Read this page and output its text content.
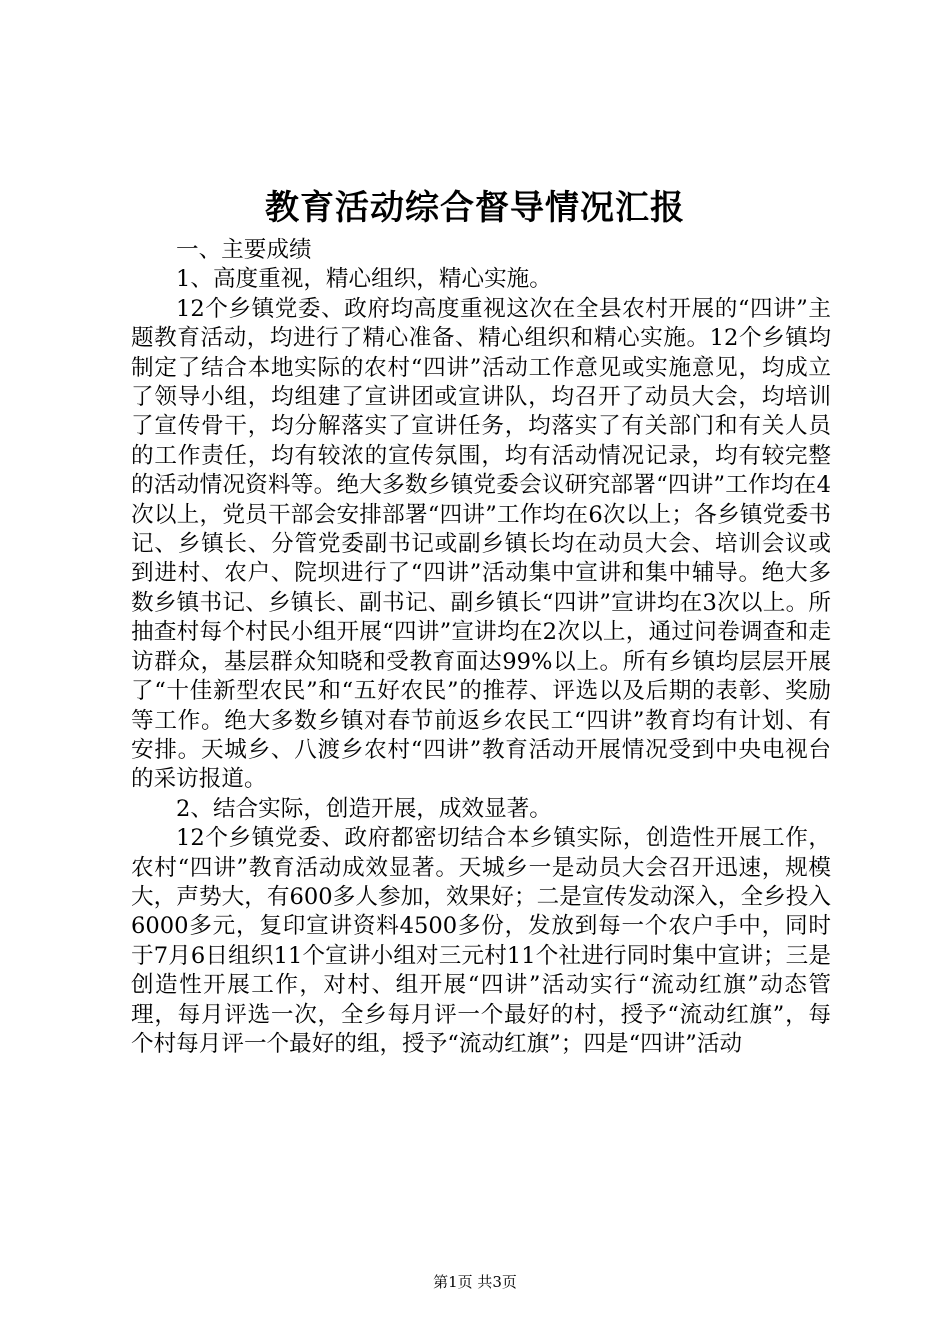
教育活动综合督导情况汇报

一、主要成绩

1、高度重视，精心组织，精心实施。

12个乡镇党委、政府均高度重视这次在全县农村开展的“四讲”主题教育活动，均进行了精心准备、精心组织和精心实施。12个乡镇均制定了结合本地实际的农村“四讲”活动工作意见或实施意见，均成立了领导小组，均组建了宣讲团或宣讲队，均召开了动员大会，均培训了宣传骨干，均分解落实了宣讲任务，均落实了有关部门和有关人员的工作责任，均有较浓的宣传氛围，均有活动情况记录，均有较完整的活动情况资料等。绝大多数乡镇党委会议研究部署“四讲”工作均在4次以上，党员干部会安排部署“四讲”工作均在6次以上；各乡镇党委书记、乡镇长、分管党委副书记或副乡镇长均在动员大会、培训会议或到进村、农户、院坝进行了“四讲”活动集中宣讲和集中辅导。绝大多数乡镇书记、乡镇长、副书记、副乡镇长“四讲”宣讲均在3次以上。所抽查村每个村民小组开展“四讲”宣讲均在2次以上，通过问卷调查和走访群众，基层群众知晓和受教育面达99%以上。所有乡镇均层层开展了“十佳新型农民”和“五好农民”的推荐、评选以及后期的表彰、奖励等工作。绝大多数乡镇对春节前返乡农民工“四讲”教育均有计划、有安排。天城乡、八渡乡农村“四讲”教育活动开展情况受到中央电视台的采访报道。

2、结合实际，创造开展，成效显著。

12个乡镇党委、政府都密切结合本乡镇实际，创造性开展工作，农村“四讲”教育活动成效显著。天城乡一是动员大会召开迅速，规模大，声势大，有600多人参加，效果好；二是宣传发动深入，全乡投入6000多元，复印宣讲资料4500多份，发放到每一个农户手中，同时于7月6日组织11个宣讲小组对三元村11个社进行同时集中宣讲；三是创造性开展工作，对村、组开展“四讲”活动实行“流动红旗”动态管理，每月评选一次，全乡每月评一个最好的村，授予“流动红旗”，每个村每月评一个最好的组，授予“流动红旗”；四是“四讲”活动

第1页 共3页
